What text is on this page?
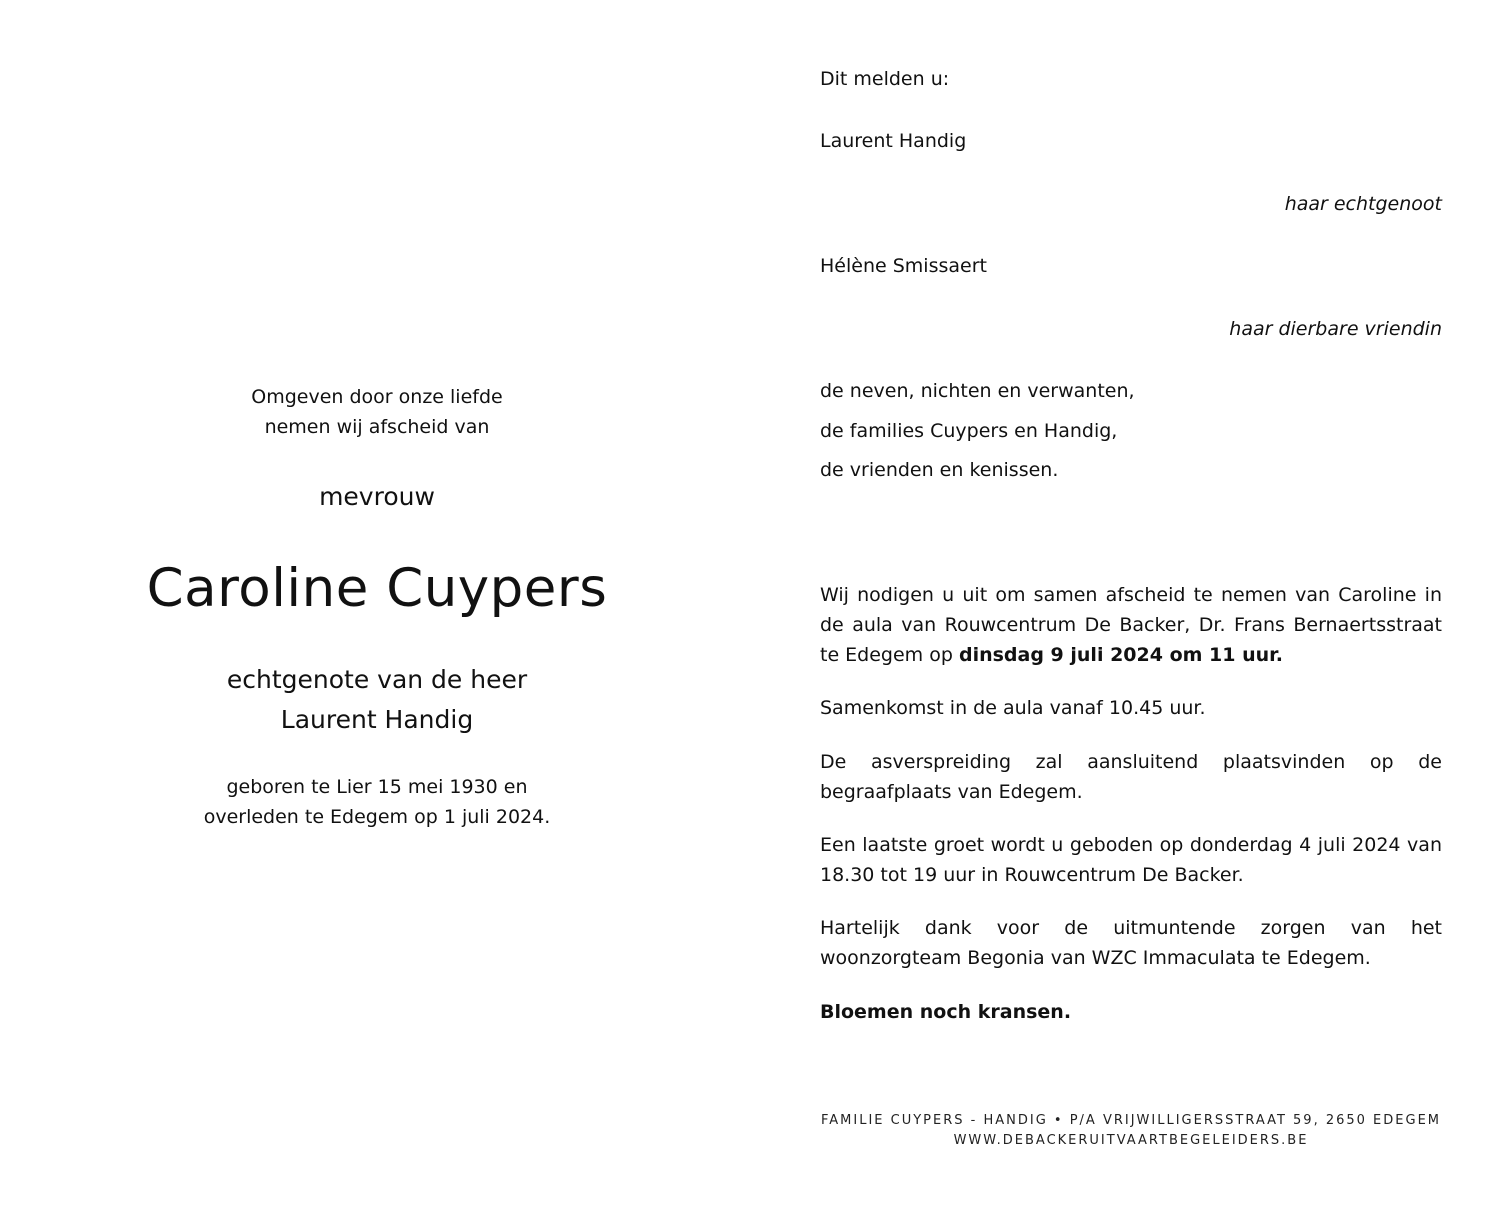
Omgeven door onze liefde
nemen wij afscheid van
mevrouw
Caroline Cuypers
echtgenote van de heer
Laurent Handig
geboren te Lier 15 mei 1930 en
overleden te Edegem op 1 juli 2024.
Dit melden u:
Laurent Handig
haar echtgenoot
Hélène Smissaert
haar dierbare vriendin
de neven, nichten en verwanten,
de families Cuypers en Handig,
de vrienden en kenissen.
Wij nodigen u uit om samen afscheid te nemen van Caroline in de aula van Rouwcentrum De Backer, Dr. Frans Bernaertsstraat te Edegem op dinsdag 9 juli 2024 om 11 uur.
Samenkomst in de aula vanaf 10.45 uur.
De asverspreiding zal aansluitend plaatsvinden op de begraafplaats van Edegem.
Een laatste groet wordt u geboden op donderdag 4 juli 2024 van 18.30 tot 19 uur in Rouwcentrum De Backer.
Hartelijk dank voor de uitmuntende zorgen van het woonzorgteam Begonia van WZC Immaculata te Edegem.
Bloemen noch kransen.
FAMILIE CUYPERS - HANDIG • P/A VRIJWILLIGERSSTRAAT 59, 2650 EDEGEM
WWW.DEBACKERUITVAARTBEGELEIDERS.BE
